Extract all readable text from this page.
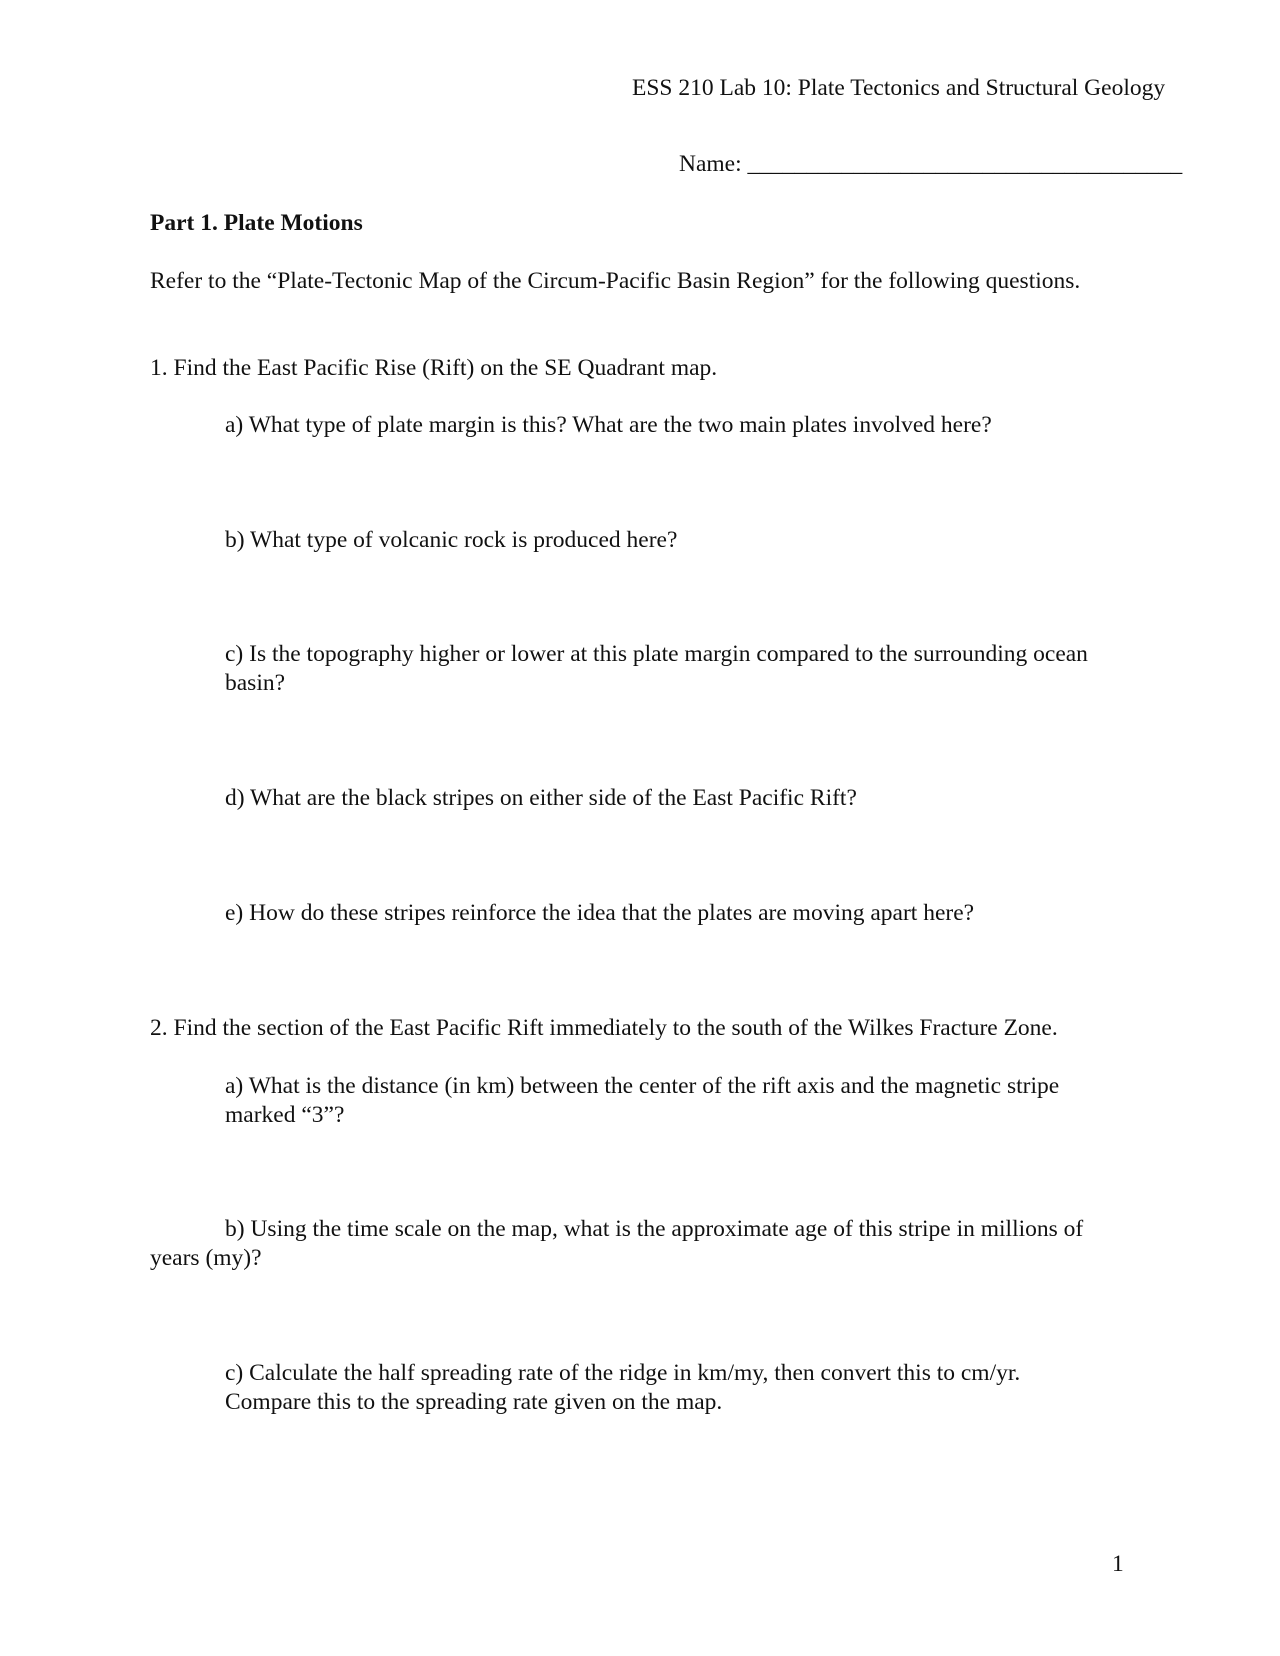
ESS 210 Lab 10: Plate Tectonics and Structural Geology
Name: _____________________________________
Part 1. Plate Motions
Refer to the “Plate-Tectonic Map of the Circum-Pacific Basin Region” for the following questions.
1. Find the East Pacific Rise (Rift) on the SE Quadrant map.
a) What type of plate margin is this? What are the two main plates involved here?
b) What type of volcanic rock is produced here?
c) Is the topography higher or lower at this plate margin compared to the surrounding ocean basin?
d) What are the black stripes on either side of the East Pacific Rift?
e) How do these stripes reinforce the idea that the plates are moving apart here?
2. Find the section of the East Pacific Rift immediately to the south of the Wilkes Fracture Zone.
a) What is the distance (in km) between the center of the rift axis and the magnetic stripe marked “3”?
b) Using the time scale on the map, what is the approximate age of this stripe in millions of years (my)?
c) Calculate the half spreading rate of the ridge in km/my, then convert this to cm/yr. Compare this to the spreading rate given on the map.
1
